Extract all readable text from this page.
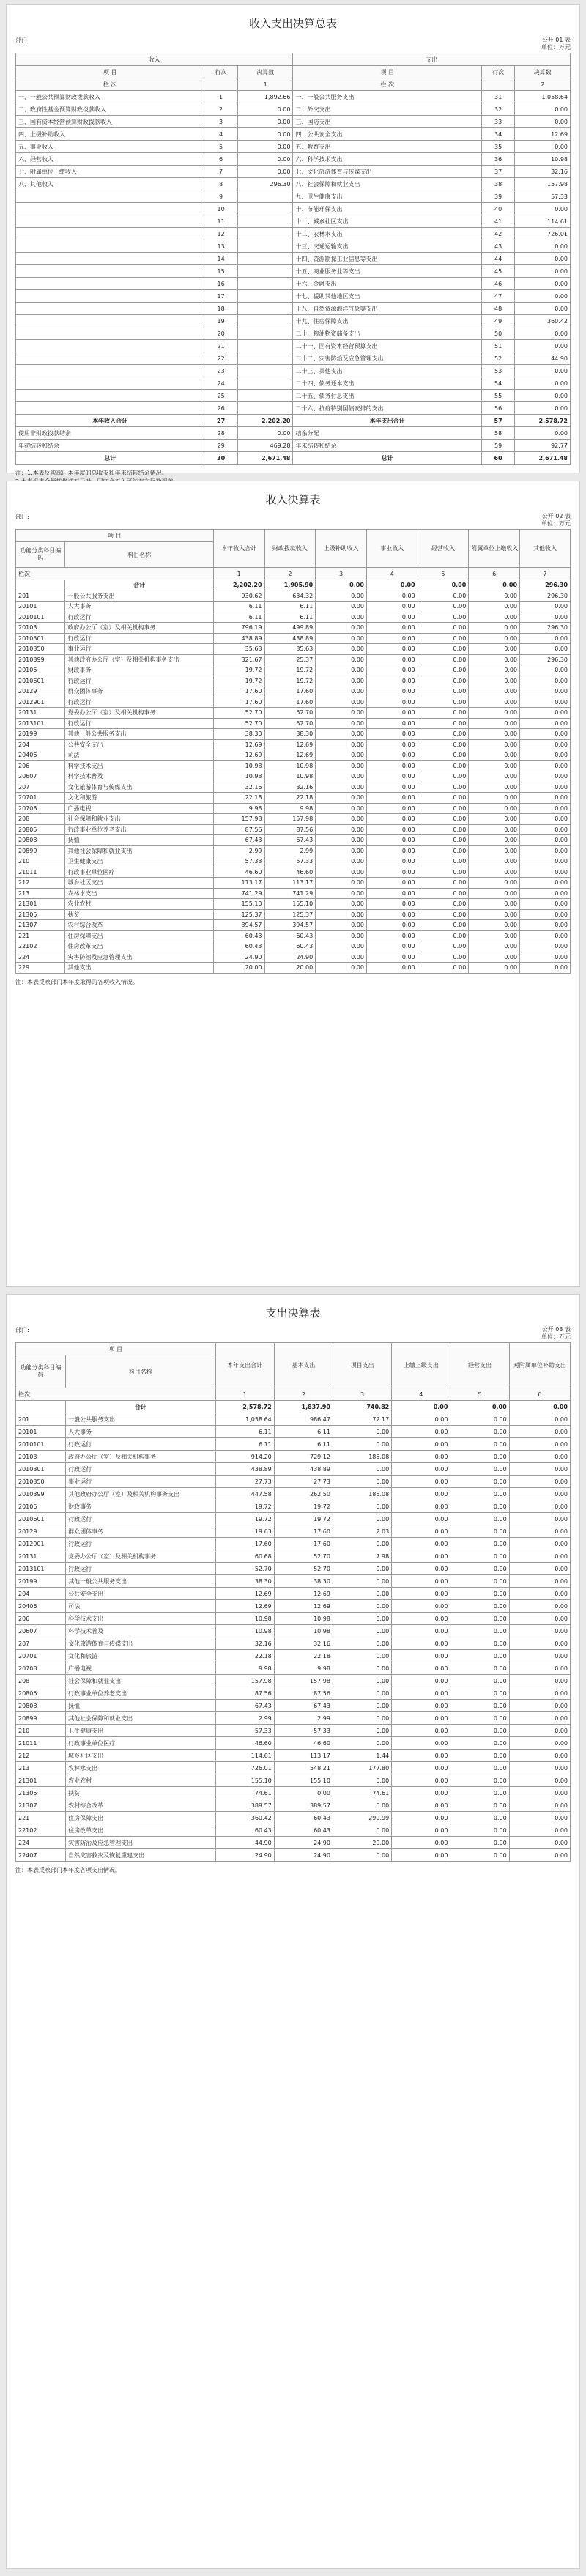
收入支出决算总表
部门:	公开 01 表
单位：万元
收入			支出		
项 目	行次	决算数	项 目	行次	决算数
栏 次		1	栏 次		2
一、一般公共预算财政拨款收入	1	1,892.66	一、一般公共服务支出	31	1,058.64
二、政府性基金预算财政拨款收入	2	0.00	二、外交支出	32	0.00
三、国有资本经营预算财政拨款收入	3	0.00	三、国防支出	33	0.00
四、上级补助收入	4	0.00	四、公共安全支出	34	12.69
五、事业收入	5	0.00	五、教育支出	35	0.00
六、经营收入	6	0.00	六、科学技术支出	36	10.98
七、附属单位上缴收入	7	0.00	七、文化旅游体育与传媒支出	37	32.16
八、其他收入	8	296.30	八、社会保障和就业支出	38	157.98
	9		九、卫生健康支出	39	57.33
	10		十、节能环保支出	40	0.00
	11		十一、城乡社区支出	41	114.61
	12		十二、农林水支出	42	726.01
	13		十三、交通运输支出	43	0.00
	14		十四、资源勘探工业信息等支出	44	0.00
	15		十五、商业服务业等支出	45	0.00
	16		十六、金融支出	46	0.00
	17		十七、援助其他地区支出	47	0.00
	18		十八、自然资源海洋气象等支出	48	0.00
	19		十九、住房保障支出	49	360.42
	20		二十、粮油物资储备支出	50	0.00
	21		二十一、国有资本经营预算支出	51	0.00
	22		二十二、灾害防治及应急管理支出	52	44.90
	23		二十三、其他支出	53	0.00
	24		二十四、债务还本支出	54	0.00
	25		二十五、债务付息支出	55	0.00
	26		二十六、抗疫特别国债安排的支出	56	0.00
本年收入合计	27	2,202.20	本年支出合计	57	2,578.72
使用非财政拨款结余	28	0.00	结余分配	58	0.00
年初结转和结余	29	469.28	年末结转和结余	59	92.77
总计	30	2,671.48	总计	60	2,671.48
注：1.本表反映部门本年度的总收支和年末结转结余情况。
收入决算表
部门:	公开 02 表
单位：万元
项 目		本年收入合计	财政拨款收入	上级补助收入	事业收入	经营收入	附属单位上缴收入	其他收入
功能分类科目编码	科目名称							
栏次		1	2	3	4	5	6	7
	合计	2,202.20	1,905.90	0.00	0.00	0.00	0.00	296.30
201	一般公共服务支出	930.62	634.32	0.00	0.00	0.00	0.00	296.30
20101	人大事务	6.11	6.11	0.00	0.00	0.00	0.00	0.00
2010101	行政运行	6.11	6.11	0.00	0.00	0.00	0.00	0.00
20103	政府办公厅（室）及相关机构事务	796.19	499.89	0.00	0.00	0.00	0.00	296.30
2010301	行政运行	438.89	438.89	0.00	0.00	0.00	0.00	0.00
2010350	事业运行	35.63	35.63	0.00	0.00	0.00	0.00	0.00
2010399	其他政府办公厅（室）及相关机构事务支出	321.67	25.37	0.00	0.00	0.00	0.00	296.30
20106	财政事务	19.72	19.72	0.00	0.00	0.00	0.00	0.00
2010601	行政运行	19.72	19.72	0.00	0.00	0.00	0.00	0.00
20129	群众团体事务	17.60	17.60	0.00	0.00	0.00	0.00	0.00
2012901	行政运行	17.60	17.60	0.00	0.00	0.00	0.00	0.00
20131	党委办公厅（室）及相关机构事务	52.70	52.70	0.00	0.00	0.00	0.00	0.00
2013101	行政运行	52.70	52.70	0.00	0.00	0.00	0.00	0.00
20199	其他一般公共服务支出	38.30	38.30	0.00	0.00	0.00	0.00	0.00
204	公共安全支出	12.69	12.69	0.00	0.00	0.00	0.00	0.00
20406	司法	12.69	12.69	0.00	0.00	0.00	0.00	0.00
206	科学技术支出	10.98	10.98	0.00	0.00	0.00	0.00	0.00
20607	科学技术普及	10.98	10.98	0.00	0.00	0.00	0.00	0.00
207	文化旅游体育与传媒支出	32.16	32.16	0.00	0.00	0.00	0.00	0.00
20701	文化和旅游	22.18	22.18	0.00	0.00	0.00	0.00	0.00
20708	广播电视	9.98	9.98	0.00	0.00	0.00	0.00	0.00
208	社会保障和就业支出	157.98	157.98	0.00	0.00	0.00	0.00	0.00
20805	行政事业单位养老支出	87.56	87.56	0.00	0.00	0.00	0.00	0.00
20808	抚恤	67.43	67.43	0.00	0.00	0.00	0.00	0.00
20899	其他社会保障和就业支出	2.99	2.99	0.00	0.00	0.00	0.00	0.00
210	卫生健康支出	57.33	57.33	0.00	0.00	0.00	0.00	0.00
21011	行政事业单位医疗	46.60	46.60	0.00	0.00	0.00	0.00	0.00
212	城乡社区支出	113.17	113.17	0.00	0.00	0.00	0.00	0.00
213	农林水支出	741.29	741.29	0.00	0.00	0.00	0.00	0.00
21301	农业农村	155.10	155.10	0.00	0.00	0.00	0.00	0.00
21305	扶贫	125.37	125.37	0.00	0.00	0.00	0.00	0.00
21307	农村综合改革	394.57	394.57	0.00	0.00	0.00	0.00	0.00
221	住房保障支出	60.43	60.43	0.00	0.00	0.00	0.00	0.00
22102	住房改革支出	60.43	60.43	0.00	0.00	0.00	0.00	0.00
224	灾害防治及应急管理支出	24.90	24.90	0.00	0.00	0.00	0.00	0.00
229	其他支出	20.00	20.00	0.00	0.00	0.00	0.00	0.00
注：本表反映部门本年度取得的各项收入情况。
支出决算表
部门:	公开 03 表
单位：万元
项 目		本年支出合计	基本支出	项目支出	上缴上级支出	经营支出	对附属单位补助支出
功能分类科目编码	科目名称						
栏次		1	2	3	4	5	6
	合计	2,578.72	1,837.90	740.82	0.00	0.00	0.00
201	一般公共服务支出	1,058.64	986.47	72.17	0.00	0.00	0.00
20101	人大事务	6.11	6.11	0.00	0.00	0.00	0.00
2010101	行政运行	6.11	6.11	0.00	0.00	0.00	0.00
20103	政府办公厅（室）及相关机构事务	914.20	729.12	185.08	0.00	0.00	0.00
2010301	行政运行	438.89	438.89	0.00	0.00	0.00	0.00
2010350	事业运行	27.73	27.73	0.00	0.00	0.00	0.00
2010399	其他政府办公厅（室）及相关机构事务支出	447.58	262.50	185.08	0.00	0.00	0.00
20106	财政事务	19.72	19.72	0.00	0.00	0.00	0.00
2010601	行政运行	19.72	19.72	0.00	0.00	0.00	0.00
20129	群众团体事务	19.63	17.60	2.03	0.00	0.00	0.00
2012901	行政运行	17.60	17.60	0.00	0.00	0.00	0.00
20131	党委办公厅（室）及相关机构事务	60.68	52.70	7.98	0.00	0.00	0.00
2013101	行政运行	52.70	52.70	0.00	0.00	0.00	0.00
20199	其他一般公共服务支出	38.30	38.30	0.00	0.00	0.00	0.00
204	公共安全支出	12.69	12.69	0.00	0.00	0.00	0.00
20406	司法	12.69	12.69	0.00	0.00	0.00	0.00
206	科学技术支出	10.98	10.98	0.00	0.00	0.00	0.00
20607	科学技术普及	10.98	10.98	0.00	0.00	0.00	0.00
207	文化旅游体育与传媒支出	32.16	32.16	0.00	0.00	0.00	0.00
20701	文化和旅游	22.18	22.18	0.00	0.00	0.00	0.00
20708	广播电视	9.98	9.98	0.00	0.00	0.00	0.00
208	社会保障和就业支出	157.98	157.98	0.00	0.00	0.00	0.00
20805	行政事业单位养老支出	87.56	87.56	0.00	0.00	0.00	0.00
20808	抚恤	67.43	67.43	0.00	0.00	0.00	0.00
20899	其他社会保障和就业支出	2.99	2.99	0.00	0.00	0.00	0.00
210	卫生健康支出	57.33	57.33	0.00	0.00	0.00	0.00
21011	行政事业单位医疗	46.60	46.60	0.00	0.00	0.00	0.00
212	城乡社区支出	114.61	113.17	1.44	0.00	0.00	0.00
213	农林水支出	726.01	548.21	177.80	0.00	0.00	0.00
21301	农业农村	155.10	155.10	0.00	0.00	0.00	0.00
21305	扶贫	74.61	0.00	74.61	0.00	0.00	0.00
21307	农村综合改革	389.57	389.57	0.00	0.00	0.00	0.00
221	住房保障支出	360.42	60.43	299.99	0.00	0.00	0.00
22102	住房改革支出	60.43	60.43	0.00	0.00	0.00	0.00
224	灾害防治及应急管理支出	44.90	24.90	20.00	0.00	0.00	0.00
22407	自然灾害救灾及恢复重建支出	24.90	24.90	0.00	0.00	0.00	0.00
注：本表反映部门本年度各项支出情况。
